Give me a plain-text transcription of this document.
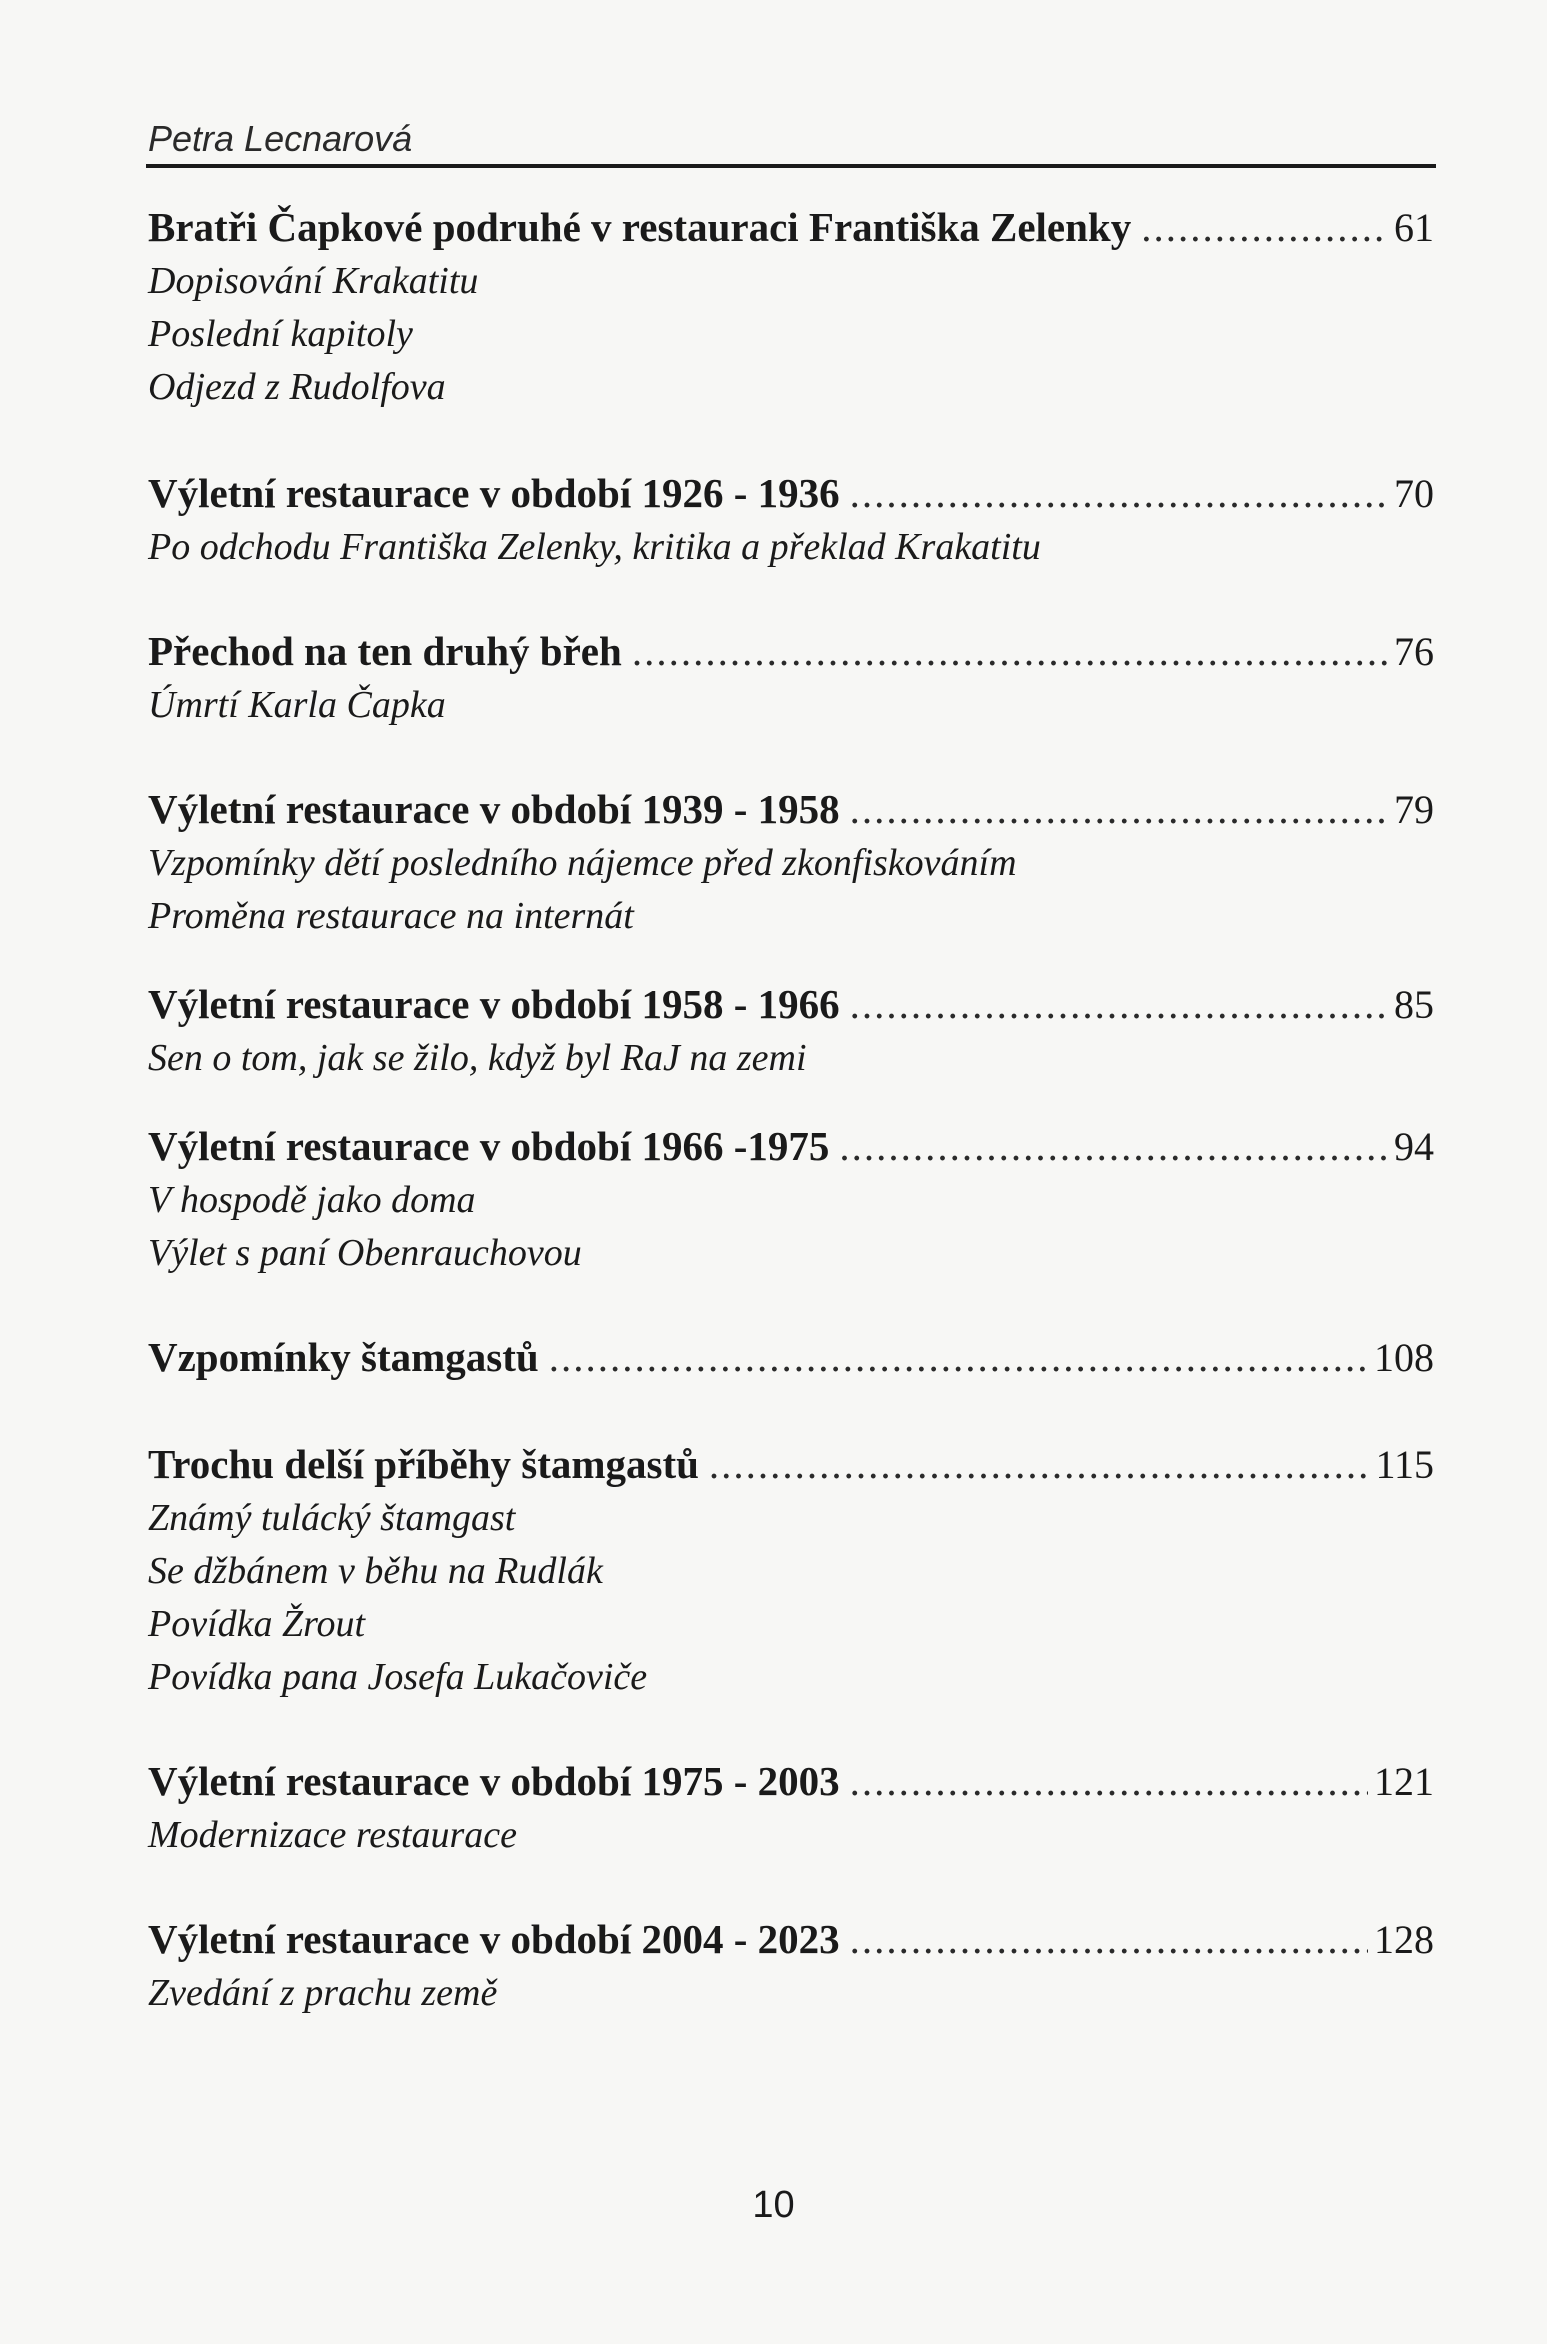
Petra Lecnarová
Bratři Čapkové podruhé v restauraci Františka Zelenky .....	61
Dopisování Krakatitu
Poslední kapitoly
Odjezd z Rudolfova
Výletní restaurace v období 1926 - 1936 .....	70
Po odchodu Františka Zelenky, kritika a překlad Krakatitu
Přechod na ten druhý břeh .....	76
Úmrtí Karla Čapka
Výletní restaurace v období 1939 - 1958 .....	79
Vzpomínky dětí posledního nájemce před zkonfiskováním
Proměna restaurace na internát
Výletní restaurace v období 1958 - 1966 .....	85
Sen o tom, jak se žilo, když byl RaJ na zemi
Výletní restaurace v období 1966 -1975 .....	94
V hospodě jako doma
Výlet s paní Obenrauchovou
Vzpomínky štamgastů .....	108
Trochu delší příběhy štamgastů .....	115
Známý tulácký štamgast
Se džbánem v běhu na Rudlák
Povídka Žrout
Povídka pana Josefa Lukačoviče
Výletní restaurace v období 1975 - 2003 .....	121
Modernizace restaurace
Výletní restaurace v období 2004 - 2023 .....	128
Zvedání z prachu země
10
